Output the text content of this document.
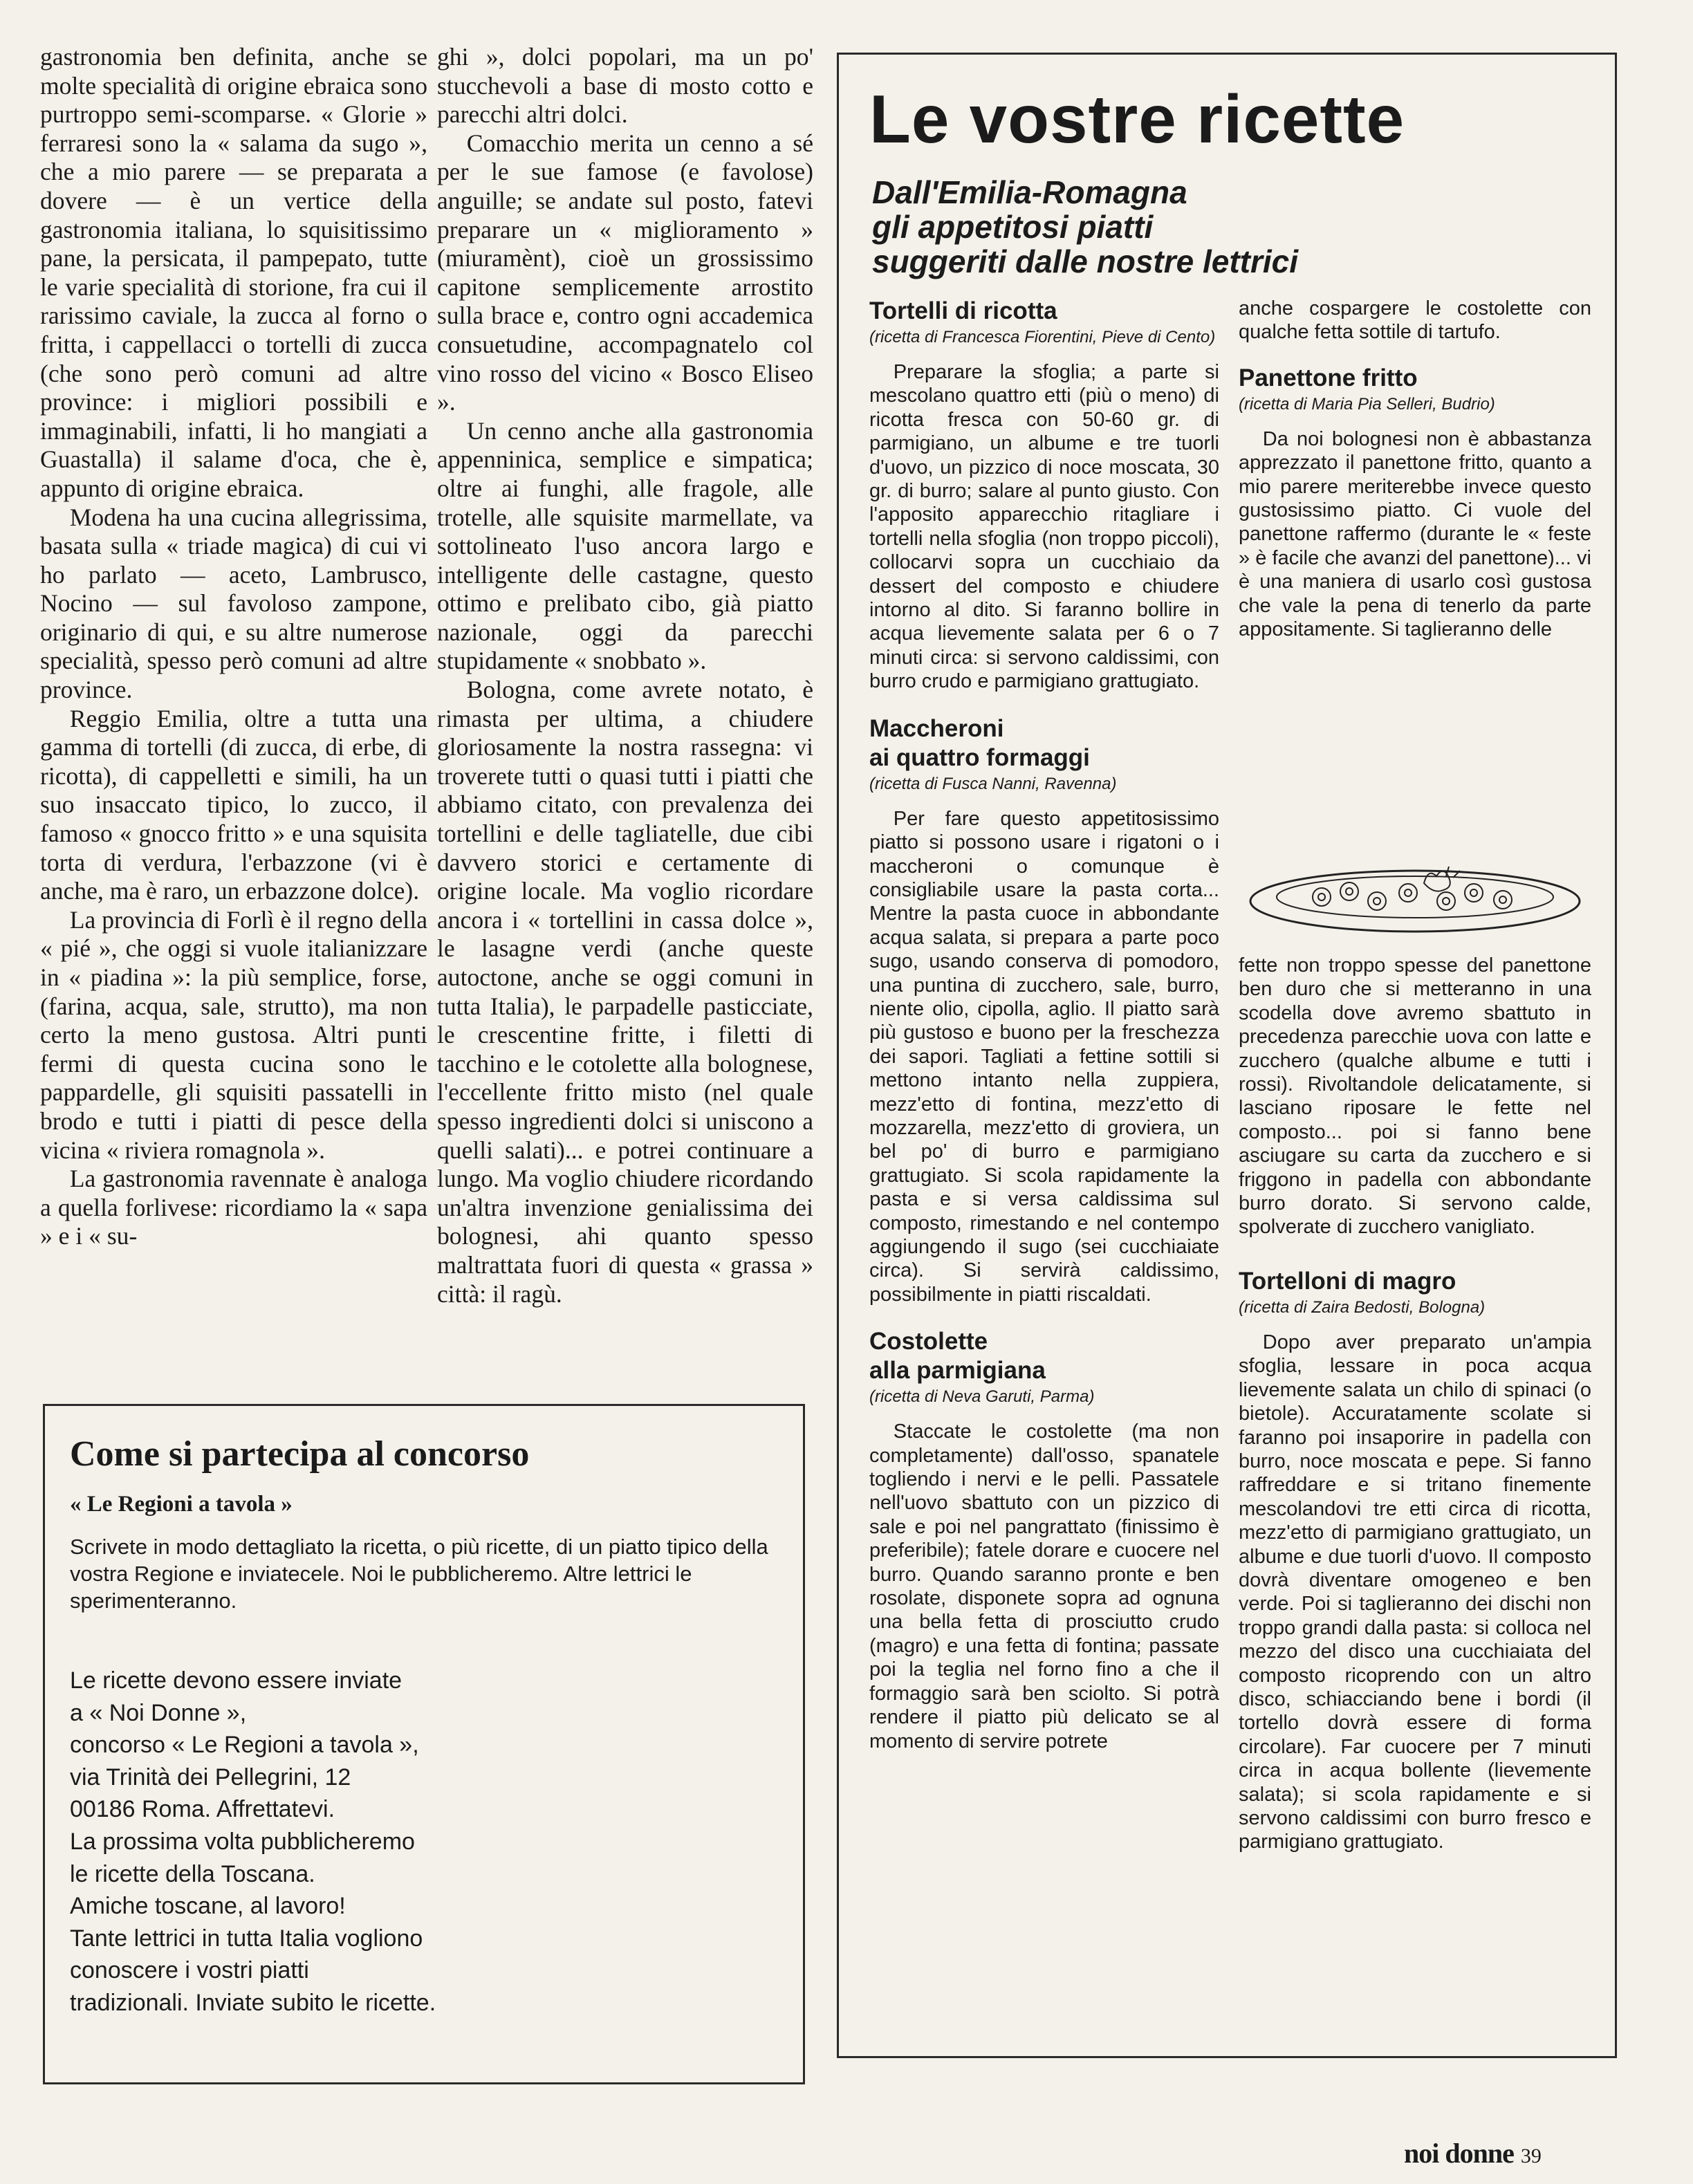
gastronomia ben definita, anche se molte specialità di origine ebraica sono purtroppo semi-scomparse. « Glorie » ferraresi sono la « salama da sugo », che a mio parere — se preparata a dovere — è un vertice della gastronomia italiana, lo squisitissimo pane, la persicata, il pampepato, tutte le varie specialità di storione, fra cui il rarissimo caviale, la zucca al forno o fritta, i cappellacci o tortelli di zucca (che sono però comuni ad altre province: i migliori possibili e immaginabili, infatti, li ho mangiati a Guastalla) il salame d'oca, che è, appunto di origine ebraica.

Modena ha una cucina allegrissima, basata sulla « triade magica) di cui vi ho parlato — aceto, Lambrusco, Nocino — sul favoloso zampone, originario di qui, e su altre numerose specialità, spesso però comuni ad altre province.

Reggio Emilia, oltre a tutta una gamma di tortelli (di zucca, di erbe, di ricotta), di cappelletti e simili, ha un suo insaccato tipico, lo zucco, il famoso « gnocco fritto » e una squisita torta di verdura, l'erbazzone (vi è anche, ma è raro, un erbazzone dolce).

La provincia di Forlì è il regno della « pié », che oggi si vuole italianizzare in « piadina »: la più semplice, forse, (farina, acqua, sale, strutto), ma non certo la meno gustosa. Altri punti fermi di questa cucina sono le pappardelle, gli squisiti passatelli in brodo e tutti i piatti di pesce della vicina « riviera romagnola ».

La gastronomia ravennate è analoga a quella forlivese: ricordiamo la « sapa » e i « su-

ghi », dolci popolari, ma un po' stucchevoli a base di mosto cotto e parecchi altri dolci.

Comacchio merita un cenno a sé per le sue famose (e favolose) anguille; se andate sul posto, fatevi preparare un « miglioramento » (miuramènt), cioè un grossissimo capitone semplicemente arrostito sulla brace e, contro ogni accademica consuetudine, accompagnatelo col vino rosso del vicino « Bosco Eliseo ».

Un cenno anche alla gastronomia appenninica, semplice e simpatica; oltre ai funghi, alle fragole, alle trotelle, alle squisite marmellate, va sottolineato l'uso ancora largo e intelligente delle castagne, questo ottimo e prelibato cibo, già piatto nazionale, oggi da parecchi stupidamente « snobbato ».

Bologna, come avrete notato, è rimasta per ultima, a chiudere gloriosamente la nostra rassegna: vi troverete tutti o quasi tutti i piatti che abbiamo citato, con prevalenza dei tortellini e delle tagliatelle, due cibi davvero storici e certamente di origine locale. Ma voglio ricordare ancora i « tortellini in cassa dolce », le lasagne verdi (anche queste autoctone, anche se oggi comuni in tutta Italia), le parpadelle pasticciate, le crescentine fritte, i filetti di tacchino e le cotolette alla bolognese, l'eccellente fritto misto (nel quale spesso ingredienti dolci si uniscono a quelli salati)... e potrei continuare a lungo. Ma voglio chiudere ricordando un'altra invenzione genialissima dei bolognesi, ahi quanto spesso maltrattata fuori di questa « grassa » città: il ragù.

Le vostre ricette
Dall'Emilia-Romagna
gli appetitosi piatti
suggeriti dalle nostre lettrici
Tortelli di ricotta
(ricetta di Francesca Fiorentini, Pieve di Cento)

Preparare la sfoglia; a parte si mescolano quattro etti (più o meno) di ricotta fresca con 50-60 gr. di parmigiano, un albume e tre tuorli d'uovo, un pizzico di noce moscata, 30 gr. di burro; salare al punto giusto. Con l'apposito apparecchio ritagliare i tortelli nella sfoglia (non troppo piccoli), collocarvi sopra un cucchiaio da dessert del composto e chiudere intorno al dito. Si faranno bollire in acqua lievemente salata per 6 o 7 minuti circa: si servono caldissimi, con burro crudo e parmigiano grattugiato.

Maccheroni
ai quattro formaggi
(ricetta di Fusca Nanni, Ravenna)

Per fare questo appetitosissimo piatto si possono usare i rigatoni o i maccheroni o comunque è consigliabile usare la pasta corta... Mentre la pasta cuoce in abbondante acqua salata, si prepara a parte poco sugo, usando conserva di pomodoro, una puntina di zucchero, sale, burro, niente olio, cipolla, aglio. Il piatto sarà più gustoso e buono per la freschezza dei sapori. Tagliati a fettine sottili si mettono intanto nella zuppiera, mezz'etto di fontina, mezz'etto di mozzarella, mezz'etto di groviera, un bel po' di burro e parmigiano grattugiato. Si scola rapidamente la pasta e si versa caldissima sul composto, rimestando e nel contempo aggiungendo il sugo (sei cucchiaiate circa). Si servirà caldissimo, possibilmente in piatti riscaldati.

Costolette
alla parmigiana
(ricetta di Neva Garuti, Parma)

Staccate le costolette (ma non completamente) dall'osso, spanatele togliendo i nervi e le pelli. Passatele nell'uovo sbattuto con un pizzico di sale e poi nel pangrattato (finissimo è preferibile); fatele dorare e cuocere nel burro. Quando saranno pronte e ben rosolate, disponete sopra ad ognuna una bella fetta di prosciutto crudo (magro) e una fetta di fontina; passate poi la teglia nel forno fino a che il formaggio sarà ben sciolto. Si potrà rendere il piatto più delicato se al momento di servire potrete

anche cospargere le costolette con qualche fetta sottile di tartufo.

Panettone fritto
(ricetta di Maria Pia Selleri, Budrio)

Da noi bolognesi non è abbastanza apprezzato il panettone fritto, quanto a mio parere meriterebbe invece questo gustosissimo piatto. Ci vuole del panettone raffermo (durante le « feste » è facile che avanzi del panettone)... vi è una maniera di usarlo così gustosa che vale la pena di tenerlo da parte appositamente. Si taglieranno delle

fette non troppo spesse del panettone ben duro che si metteranno in una scodella dove avremo sbattuto in precedenza parecchie uova con latte e zucchero (qualche albume e tutti i rossi). Rivoltandole delicatamente, si lasciano riposare le fette nel composto... poi si fanno bene asciugare su carta da zucchero e si friggono in padella con abbondante burro dorato. Si servono calde, spolverate di zucchero vanigliato.

Tortelloni di magro
(ricetta di Zaira Bedosti, Bologna)

Dopo aver preparato un'ampia sfoglia, lessare in poca acqua lievemente salata un chilo di spinaci (o bietole). Accuratamente scolate si faranno poi insaporire in padella con burro, noce moscata e pepe. Si fanno raffreddare e si tritano finemente mescolandovi tre etti circa di ricotta, mezz'etto di parmigiano grattugiato, un albume e due tuorli d'uovo. Il composto dovrà diventare omogeneo e ben verde. Poi si taglieranno dei dischi non troppo grandi dalla pasta: si colloca nel mezzo del disco una cucchiaiata del composto ricoprendo con un altro disco, schiacciando bene i bordi (il tortello dovrà essere di forma circolare). Far cuocere per 7 minuti circa in acqua bollente (lievemente salata); si scola rapidamente e si servono caldissimi con burro fresco e parmigiano grattugiato.

Come si partecipa al concorso
« Le Regioni a tavola »

Scrivete in modo dettagliato la ricetta, o più ricette, di un piatto tipico della vostra Regione e inviatecele. Noi le pubblicheremo. Altre lettrici le sperimenteranno.

Le ricette devono essere inviate
a « Noi Donne »,
concorso « Le Regioni a tavola »,
via Trinità dei Pellegrini, 12
00186 Roma. Affrettatevi.
La prossima volta pubblicheremo
le ricette della Toscana.
Amiche toscane, al lavoro!
Tante lettrici in tutta Italia vogliono
conoscere i vostri piatti
tradizionali. Inviate subito le ricette.
noi donne 39
